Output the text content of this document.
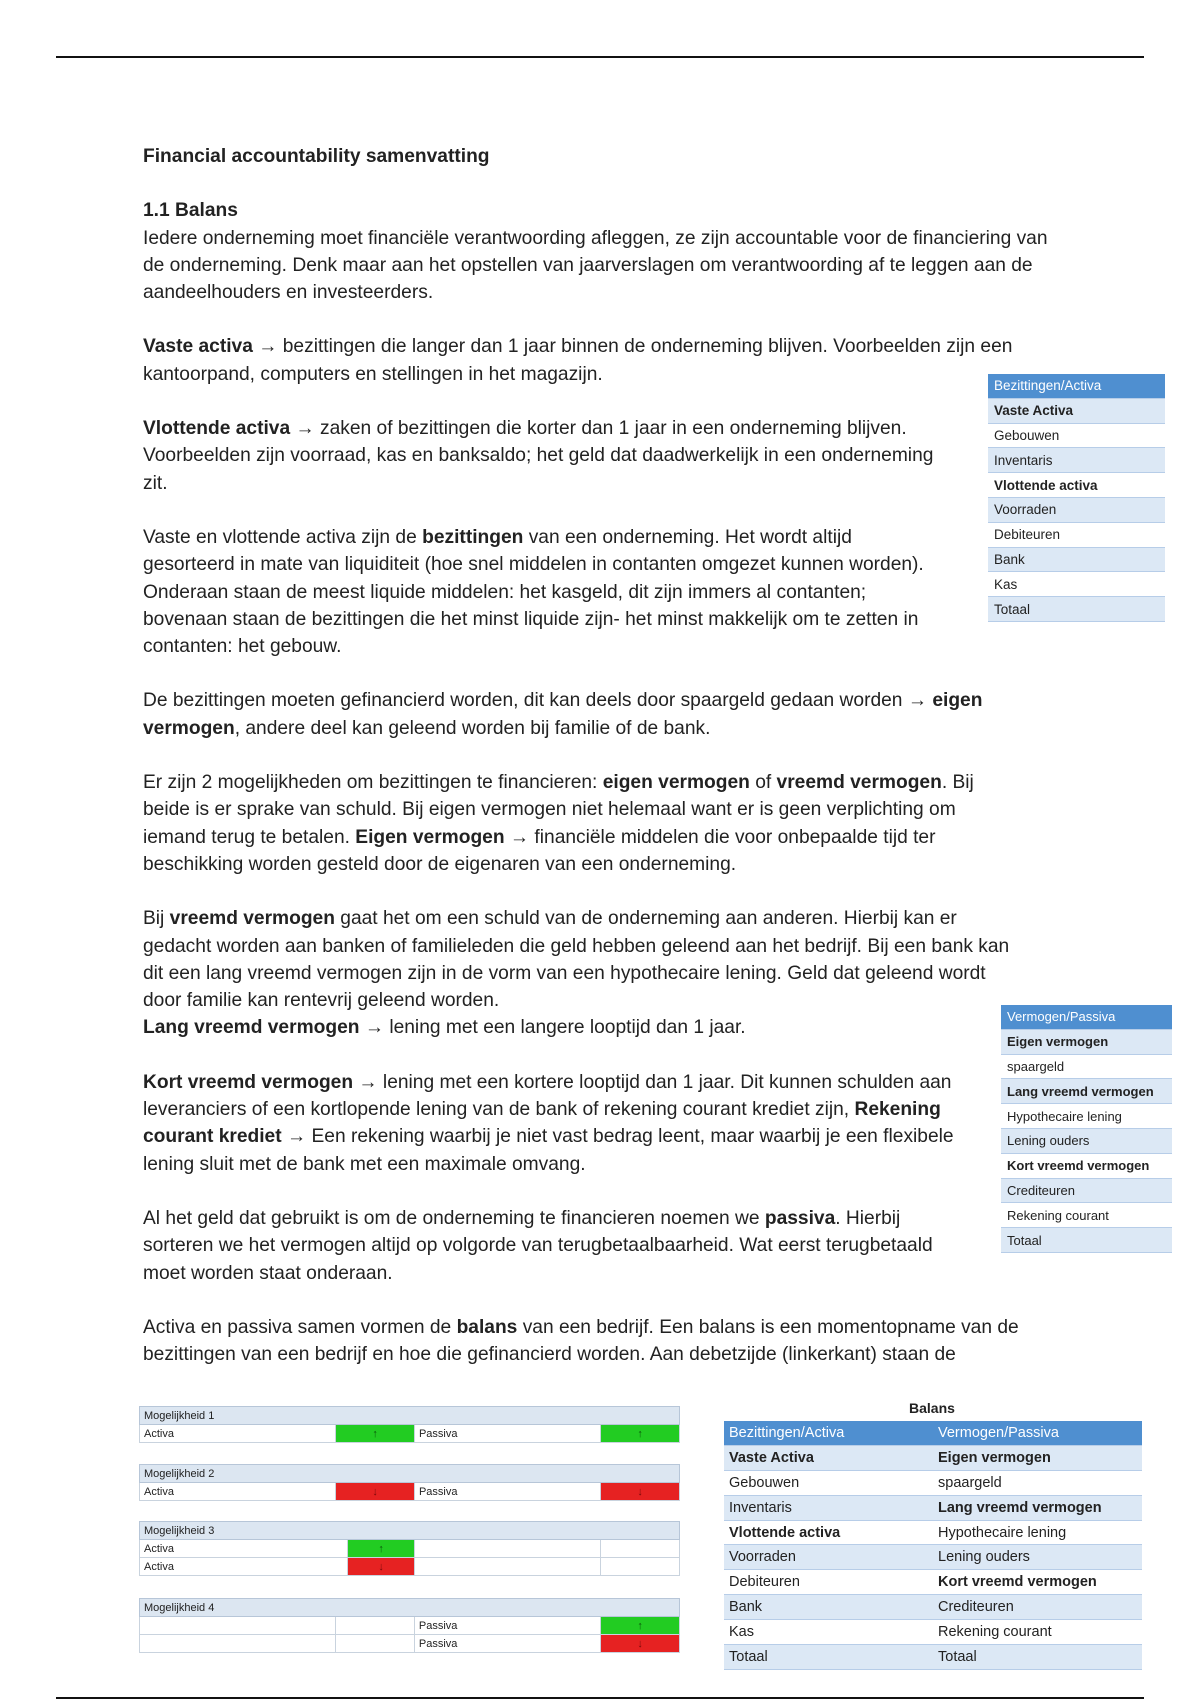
Financial accountability samenvatting

1.1 Balans

Iedere onderneming moet financiële verantwoording afleggen, ze zijn accountable voor de financiering van de onderneming. Denk maar aan het opstellen van jaarverslagen om verantwoording af te leggen aan de aandeelhouders en investeerders.

Vaste activa → bezittingen die langer dan 1 jaar binnen de onderneming blijven. Voorbeelden zijn een kantoorpand, computers en stellingen in het magazijn.

Vlottende activa → zaken of bezittingen die korter dan 1 jaar in een onderneming blijven. Voorbeelden zijn voorraad, kas en banksaldo; het geld dat daadwerkelijk in een onderneming zit.

Vaste en vlottende activa zijn de bezittingen van een onderneming. Het wordt altijd gesorteerd in mate van liquiditeit (hoe snel middelen in contanten omgezet kunnen worden). Onderaan staan de meest liquide middelen: het kasgeld, dit zijn immers al contanten; bovenaan staan de bezittingen die het minst liquide zijn- het minst makkelijk om te zetten in contanten: het gebouw.

De bezittingen moeten gefinancierd worden, dit kan deels door spaargeld gedaan worden → eigen vermogen, andere deel kan geleend worden bij familie of de bank.

Er zijn 2 mogelijkheden om bezittingen te financieren: eigen vermogen of vreemd vermogen. Bij beide is er sprake van schuld. Bij eigen vermogen niet helemaal want er is geen verplichting om iemand terug te betalen. Eigen vermogen → financiële middelen die voor onbepaalde tijd ter beschikking worden gesteld door de eigenaren van een onderneming.

Bij vreemd vermogen gaat het om een schuld van de onderneming aan anderen. Hierbij kan er gedacht worden aan banken of familieleden die geld hebben geleend aan het bedrijf. Bij een bank kan dit een lang vreemd vermogen zijn in de vorm van een hypothecaire lening. Geld dat geleend wordt door familie kan rentevrij geleend worden.

Lang vreemd vermogen → lening met een langere looptijd dan 1 jaar.

Kort vreemd vermogen → lening met een kortere looptijd dan 1 jaar. Dit kunnen schulden aan leveranciers of een kortlopende lening van de bank of rekening courant krediet zijn, Rekening courant krediet → Een rekening waarbij je niet vast bedrag leent, maar waarbij je een flexibele lening sluit met de bank met een maximale omvang.

Al het geld dat gebruikt is om de onderneming te financieren noemen we passiva. Hierbij sorteren we het vermogen altijd op volgorde van terugbetaalbaarheid. Wat eerst terugbetaald moet worden staat onderaan.

Activa en passiva samen vormen de balans van een bedrijf. Een balans is een momentopname van de bezittingen van een bedrijf en hoe die gefinancierd worden. Aan debetzijde (linkerkant) staan de

Bezittingen/Activa
Vaste Activa
Gebouwen
Inventaris
Vlottende activa
Voorraden
Debiteuren
Bank
Kas
Totaal
Vermogen/Passiva
Eigen vermogen
spaargeld
Lang vreemd vermogen
Hypothecaire lening
Lening ouders
Kort vreemd vermogen
Crediteuren
Rekening courant
Totaal
Mogelijkheid 1
Activa	↑	Passiva	↑
Mogelijkheid 2
Activa	↓	Passiva	↓
Mogelijkheid 3			
Activa	↑		
Activa	↓		
Mogelijkheid 4			
		Passiva	↑
		Passiva	↓
Balans
Bezittingen/Activa	Vermogen/Passiva
Vaste Activa	Eigen vermogen
Gebouwen	spaargeld
Inventaris	Lang vreemd vermogen
Vlottende activa	Hypothecaire lening
Voorraden	Lening ouders
Debiteuren	Kort vreemd vermogen
Bank	Crediteuren
Kas	Rekening courant
Totaal	Totaal
